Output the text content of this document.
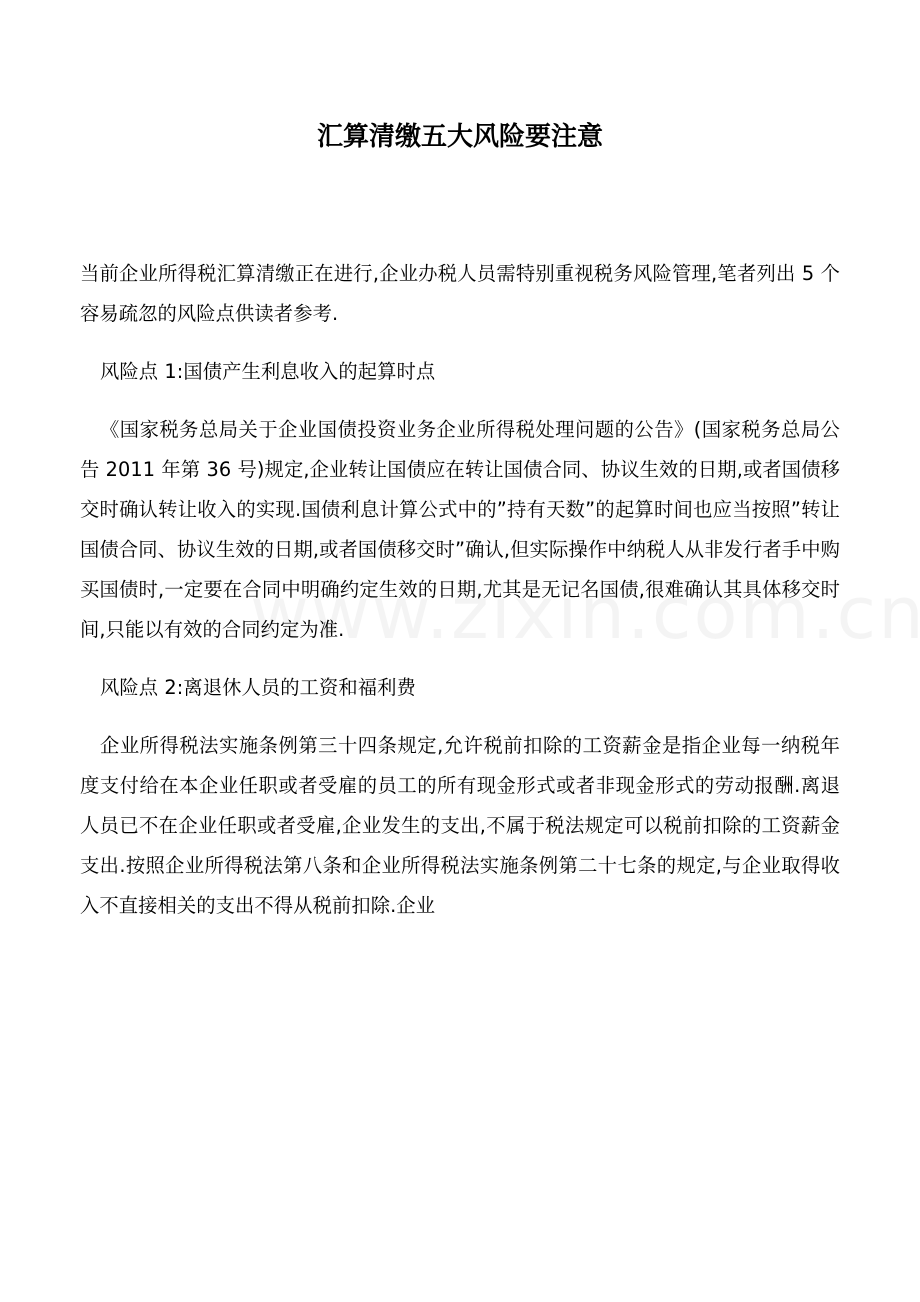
汇算清缴五大风险要注意

当前企业所得税汇算清缴正在进行,企业办税人员需特别重视税务风险管理,笔者列出 5 个容易疏忽的风险点供读者参考.

风险点 1:国债产生利息收入的起算时点

《国家税务总局关于企业国债投资业务企业所得税处理问题的公告》(国家税务总局公告 2011 年第 36 号)规定,企业转让国债应在转让国债合同、协议生效的日期,或者国债移交时确认转让收入的实现.国债利息计算公式中的”持有天数”的起算时间也应当按照”转让国债合同、协议生效的日期,或者国债移交时”确认,但实际操作中纳税人从非发行者手中购买国债时,一定要在合同中明确约定生效的日期,尤其是无记名国债,很难确认其具体移交时间,只能以有效的合同约定为准.

风险点 2:离退休人员的工资和福利费

企业所得税法实施条例第三十四条规定,允许税前扣除的工资薪金是指企业每一纳税年度支付给在本企业任职或者受雇的员工的所有现金形式或者非现金形式的劳动报酬.离退人员已不在企业任职或者受雇,企业发生的支出,不属于税法规定可以税前扣除的工资薪金支出.按照企业所得税法第八条和企业所得税法实施条例第二十七条的规定,与企业取得收入不直接相关的支出不得从税前扣除.企业
